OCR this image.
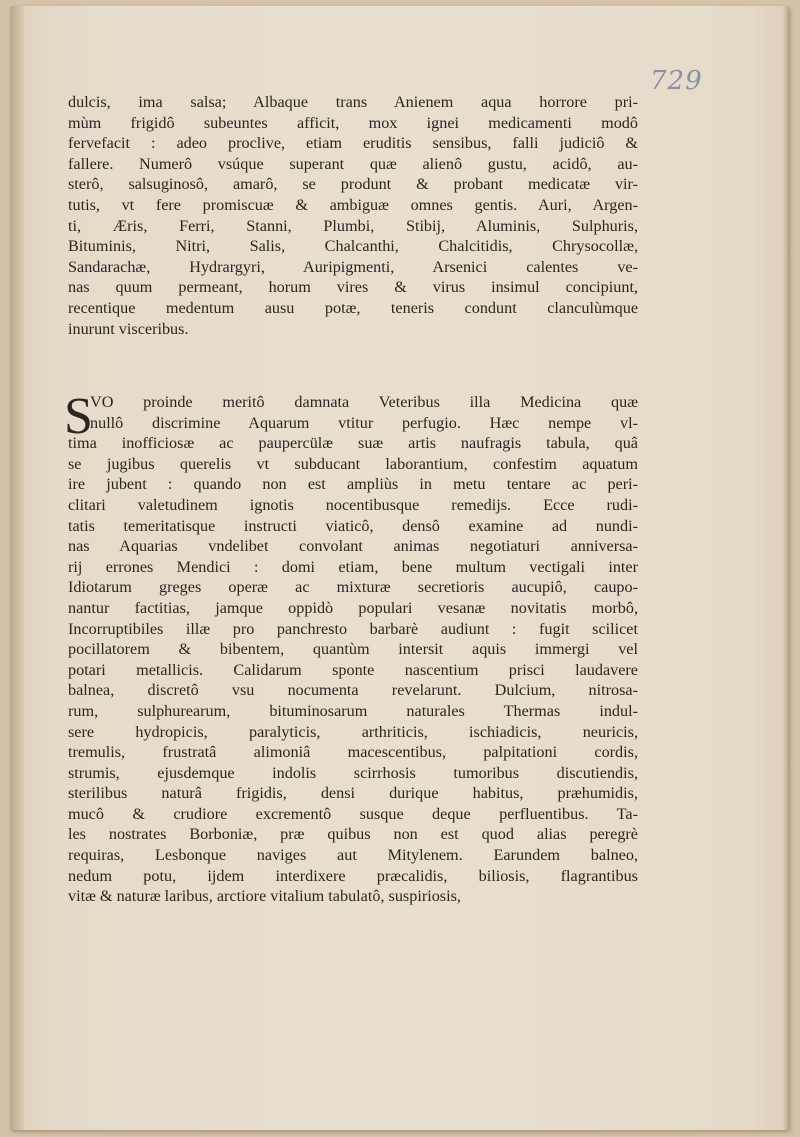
729
dulcis, ima salsa; Albaque trans Anienem aqua horrore pri-
mùm frigidô subeuntes afficit, mox ignei medicamenti modô
fervefacit : adeo proclive, etiam eruditis sensibus, falli judiciô &
fallere. Numerô vsúque superant quæ alienô gustu, acidô, au-
sterô, salsuginosô, amarô, se produnt & probant medicatæ vir-
tutis, vt fere promiscuæ & ambiguæ omnes gentis. Auri, Argen-
ti, Æris, Ferri, Stanni, Plumbi, Stibij, Aluminis, Sulphuris,
Bituminis, Nitri, Salis, Chalcanthi, Chalcitidis, Chrysocollæ,
Sandarachæ, Hydrargyri, Auripigmenti, Arsenici calentes ve-
nas quum permeant, horum vires & virus insimul concipiunt,
recentique medentum ausu potæ, teneris condunt clanculùmque
inurunt visceribus.
S
VO proinde meritô damnata Veteribus illa Medicina quæ
nullô discrimine Aquarum vtitur perfugio. Hæc nempe vl-
tima inofficiosæ ac paupercülæ suæ artis naufragis tabula, quâ
se jugibus querelis vt subducant laborantium, confestim aquatum
ire jubent : quando non est ampliùs in metu tentare ac peri-
clitari valetudinem ignotis nocentibusque remedijs. Ecce rudi-
tatis temeritatisque instructi viaticô, densô examine ad nundi-
nas Aquarias vndelibet convolant animas negotiaturi anniversa-
rij errones Mendici : domi etiam, bene multum vectigali inter
Idiotarum greges operæ ac mixturæ secretioris aucupiô, caupo-
nantur factitias, jamque oppidò populari vesanæ novitatis morbô,
Incorruptibiles illæ pro panchresto barbarè audiunt : fugit scilicet
pocillatorem & bibentem, quantùm intersit aquis immergi vel
potari metallicis. Calidarum sponte nascentium prisci laudavere
balnea, discretô vsu nocumenta revelarunt. Dulcium, nitrosa-
rum, sulphurearum, bituminosarum naturales Thermas indul-
sere hydropicis, paralyticis, arthriticis, ischiadicis, neuricis,
tremulis, frustratâ alimoniâ macescentibus, palpitationi cordis,
strumis, ejusdemque indolis scirrhosis tumoribus discutiendis,
sterilibus naturâ frigidis, densi durique habitus, præhumidis,
mucô & crudiore excrementô susque deque perfluentibus. Ta-
les nostrates Borboniæ, præ quibus non est quod alias peregrè
requiras, Lesbonque naviges aut Mitylenem. Earundem balneo,
nedum potu, ijdem interdixere præcalidis, biliosis, flagrantibus
vitæ & naturæ laribus, arctiore vitalium tabulatô, suspiriosis,
